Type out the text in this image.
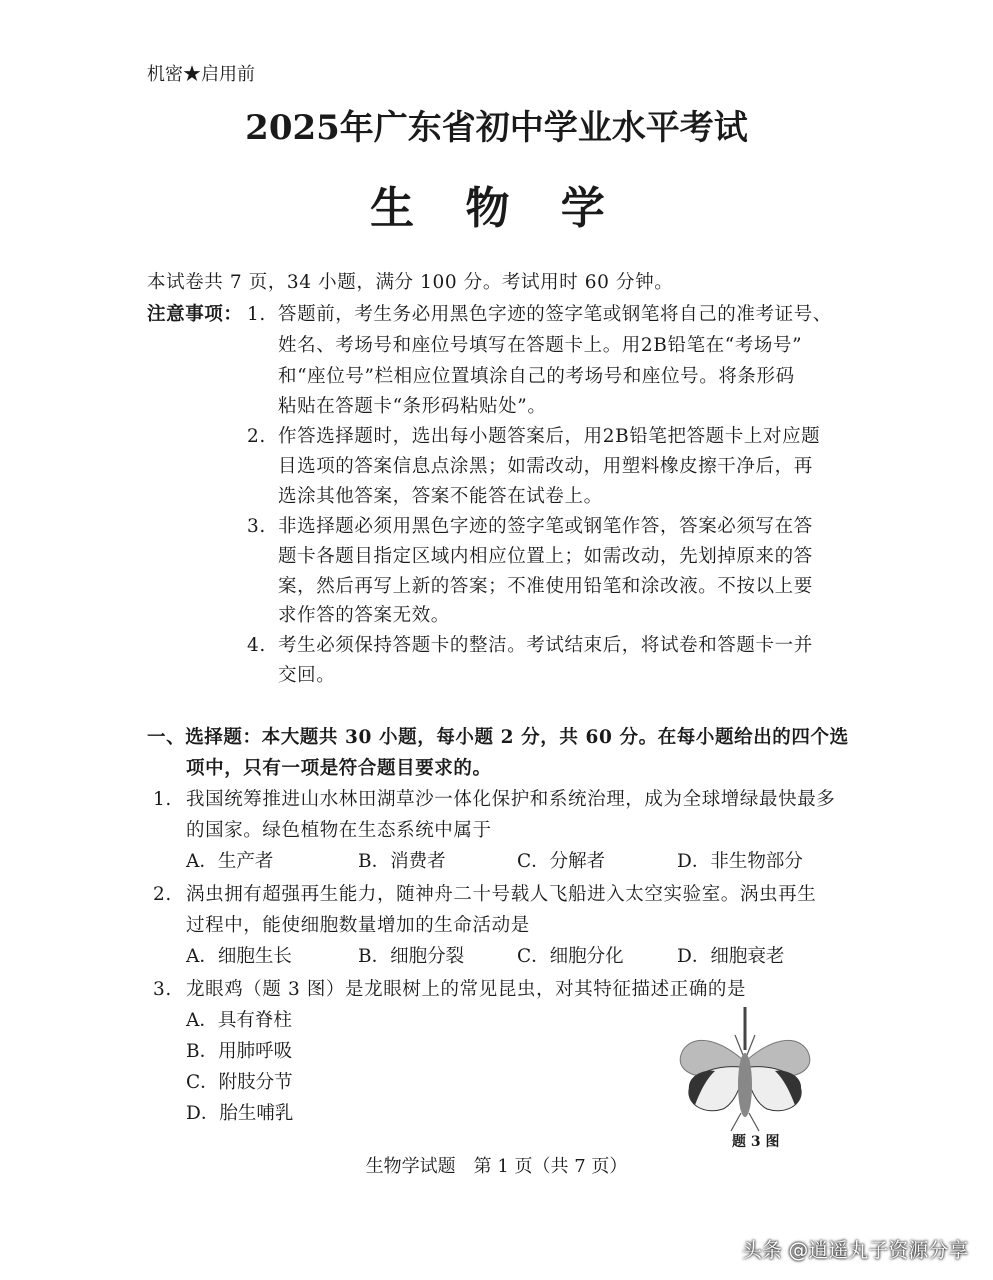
机密★启用前
2025年广东省初中学业水平考试
生 物 学
本试卷共 7 页，34 小题，满分 100 分。考试用时 60 分钟。
注意事项： 1. 答题前，考生务必用黑色字迹的签字笔或钢笔将自己的准考证号、
姓名、考场号和座位号填写在答题卡上。用2B铅笔在“考场号”
和“座位号”栏相应位置填涂自己的考场号和座位号。将条形码
粘贴在答题卡“条形码粘贴处”。
2. 作答选择题时，选出每小题答案后，用2B铅笔把答题卡上对应题
目选项的答案信息点涂黑；如需改动，用塑料橡皮擦干净后，再
选涂其他答案，答案不能答在试卷上。
3. 非选择题必须用黑色字迹的签字笔或钢笔作答，答案必须写在答
题卡各题目指定区域内相应位置上；如需改动，先划掉原来的答
案，然后再写上新的答案；不准使用铅笔和涂改液。不按以上要
求作答的答案无效。
4. 考生必须保持答题卡的整洁。考试结束后，将试卷和答题卡一并
交回。
一、选择题：本大题共 30 小题，每小题 2 分，共 60 分。在每小题给出的四个选
项中，只有一项是符合题目要求的。
1. 我国统筹推进山水林田湖草沙一体化保护和系统治理，成为全球增绿最快最多
的国家。绿色植物在生态系统中属于
A．生产者	B．消费者	C．分解者	D．非生物部分
2. 涡虫拥有超强再生能力，随神舟二十号载人飞船进入太空实验室。涡虫再生
过程中，能使细胞数量增加的生命活动是
A．细胞生长	B．细胞分裂	C．细胞分化	D．细胞衰老
3. 龙眼鸡（题 3 图）是龙眼树上的常见昆虫，对其特征描述正确的是
A．具有脊柱
B．用肺呼吸
C．附肢分节
D．胎生哺乳
题 3 图
生物学试题　第 1 页（共 7 页）
头条 @逍遥丸子资源分享
